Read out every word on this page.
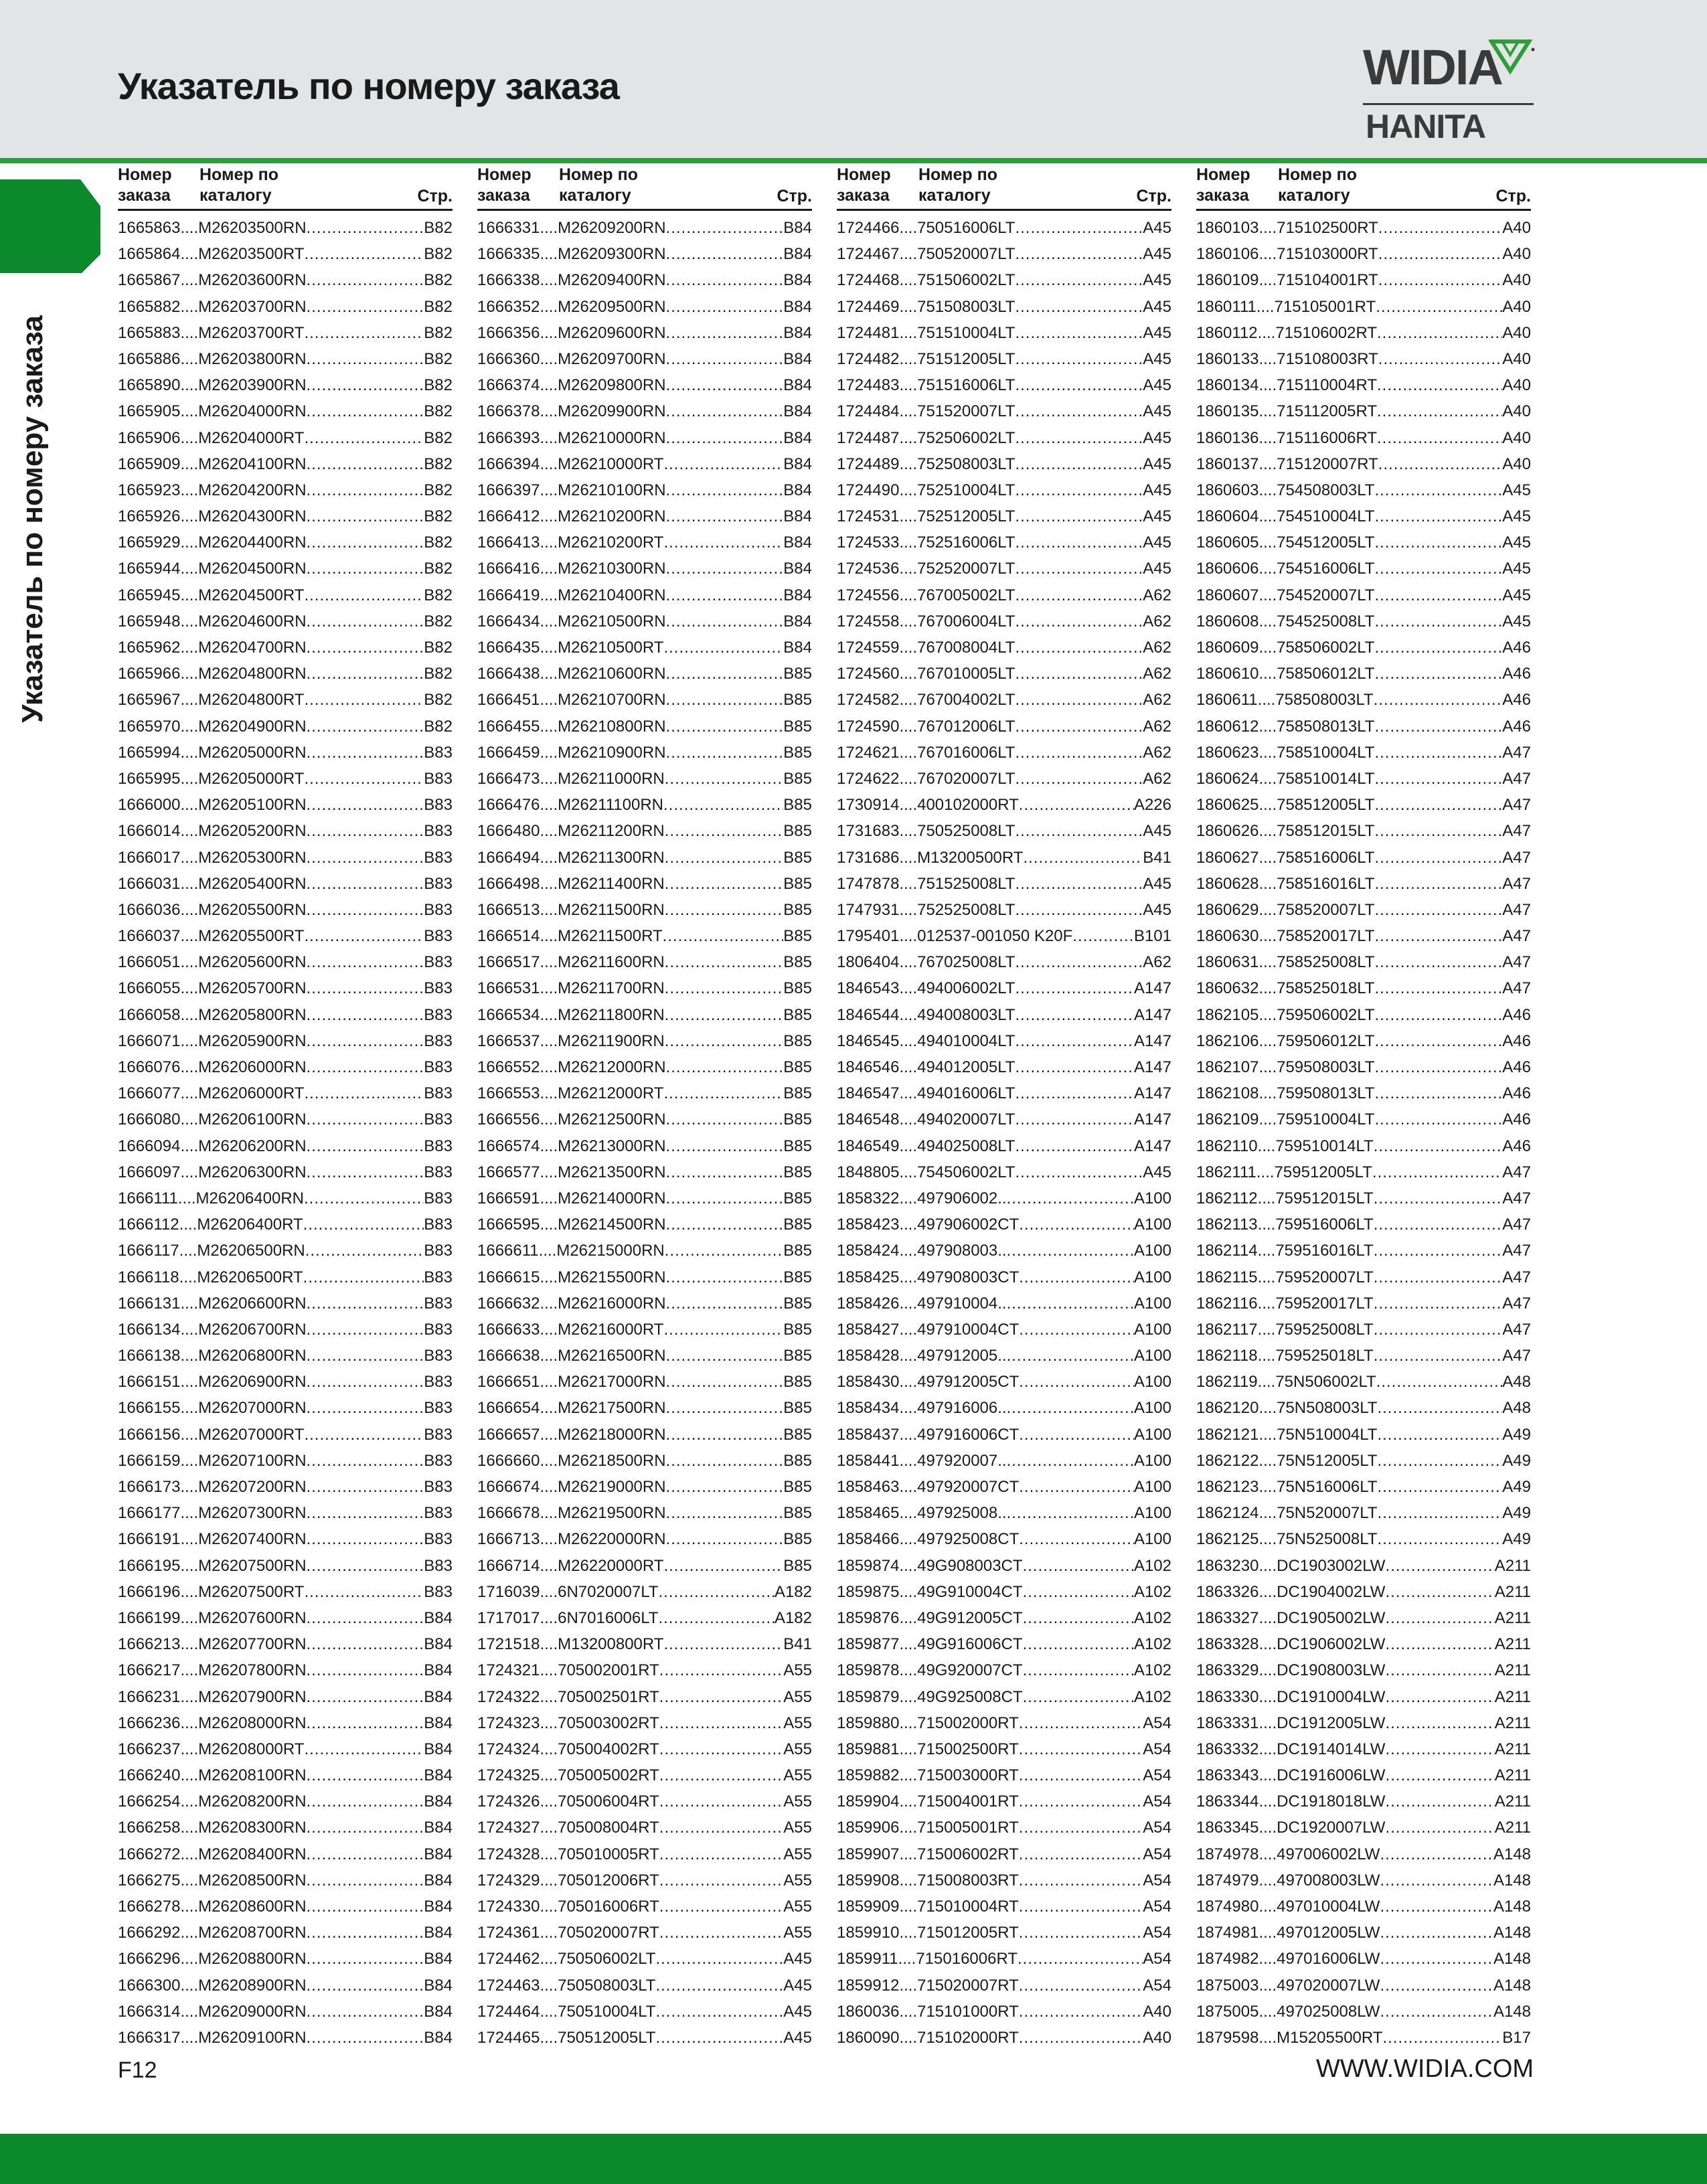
Указатель по номеру заказа	WIDIA
HANITA
Указатель по номеру заказа
Номер
заказа
Номер по
каталогу	Стр.
1665863 .... M26203500RN .....	B82
1665864 .... M26203500RT .....	B82
1665867 .... M26203600RN .....	B82
1665882 .... M26203700RN .....	B82
1665883 .... M26203700RT .....	B82
1665886 .... M26203800RN .....	B82
1665890 .... M26203900RN .....	B82
1665905 .... M26204000RN .....	B82
1665906 .... M26204000RT .....	B82
1665909 .... M26204100RN .....	B82
1665923 .... M26204200RN .....	B82
1665926 .... M26204300RN .....	B82
1665929 .... M26204400RN .....	B82
1665944 .... M26204500RN .....	B82
1665945 .... M26204500RT .....	B82
1665948 .... M26204600RN .....	B82
1665962 .... M26204700RN .....	B82
1665966 .... M26204800RN .....	B82
1665967 .... M26204800RT .....	B82
1665970 .... M26204900RN .....	B82
1665994 .... M26205000RN .....	B83
1665995 .... M26205000RT .....	B83
1666000 .... M26205100RN .....	B83
1666014 .... M26205200RN .....	B83
1666017 .... M26205300RN .....	B83
1666031 .... M26205400RN .....	B83
1666036 .... M26205500RN .....	B83
1666037 .... M26205500RT .....	B83
1666051 .... M26205600RN .....	B83
1666055 .... M26205700RN .....	B83
1666058 .... M26205800RN .....	B83
1666071 .... M26205900RN .....	B83
1666076 .... M26206000RN .....	B83
1666077 .... M26206000RT .....	B83
1666080 .... M26206100RN .....	B83
1666094 .... M26206200RN .....	B83
1666097 .... M26206300RN .....	B83
1666111 .... M26206400RN .....	B83
1666112 .... M26206400RT .....	B83
1666117 .... M26206500RN .....	B83
1666118 .... M26206500RT .....	B83
1666131 .... M26206600RN .....	B83
1666134 .... M26206700RN .....	B83
1666138 .... M26206800RN .....	B83
1666151 .... M26206900RN .....	B83
1666155 .... M26207000RN .....	B83
1666156 .... M26207000RT .....	B83
1666159 .... M26207100RN .....	B83
1666173 .... M26207200RN .....	B83
1666177 .... M26207300RN .....	B83
1666191 .... M26207400RN .....	B83
1666195 .... M26207500RN .....	B83
1666196 .... M26207500RT .....	B83
1666199 .... M26207600RN .....	B84
1666213 .... M26207700RN .....	B84
1666217 .... M26207800RN .....	B84
1666231 .... M26207900RN .....	B84
1666236 .... M26208000RN .....	B84
1666237 .... M26208000RT .....	B84
1666240 .... M26208100RN .....	B84
1666254 .... M26208200RN .....	B84
1666258 .... M26208300RN .....	B84
1666272 .... M26208400RN .....	B84
1666275 .... M26208500RN .....	B84
1666278 .... M26208600RN .....	B84
1666292 .... M26208700RN .....	B84
1666296 .... M26208800RN .....	B84
1666300 .... M26208900RN .....	B84
1666314 .... M26209000RN .....	B84
1666317 .... M26209100RN .....	B84
Номер
заказа
Номер по
каталогу	Стр.
1666331 .... M26209200RN .....	B84
1666335 .... M26209300RN .....	B84
1666338 .... M26209400RN .....	B84
1666352 .... M26209500RN .....	B84
1666356 .... M26209600RN .....	B84
1666360 .... M26209700RN .....	B84
1666374 .... M26209800RN .....	B84
1666378 .... M26209900RN .....	B84
1666393 .... M26210000RN .....	B84
1666394 .... M26210000RT .....	B84
1666397 .... M26210100RN .....	B84
1666412 .... M26210200RN .....	B84
1666413 .... M26210200RT .....	B84
1666416 .... M26210300RN .....	B84
1666419 .... M26210400RN .....	B84
1666434 .... M26210500RN .....	B84
1666435 .... M26210500RT .....	B84
1666438 .... M26210600RN .....	B85
1666451 .... M26210700RN .....	B85
1666455 .... M26210800RN .....	B85
1666459 .... M26210900RN .....	B85
1666473 .... M26211000RN .....	B85
1666476 .... M26211100RN .....	B85
1666480 .... M26211200RN .....	B85
1666494 .... M26211300RN .....	B85
1666498 .... M26211400RN .....	B85
1666513 .... M26211500RN .....	B85
1666514 .... M26211500RT .....	B85
1666517 .... M26211600RN .....	B85
1666531 .... M26211700RN .....	B85
1666534 .... M26211800RN .....	B85
1666537 .... M26211900RN .....	B85
1666552 .... M26212000RN .....	B85
1666553 .... M26212000RT .....	B85
1666556 .... M26212500RN .....	B85
1666574 .... M26213000RN .....	B85
1666577 .... M26213500RN .....	B85
1666591 .... M26214000RN .....	B85
1666595 .... M26214500RN .....	B85
1666611 .... M26215000RN .....	B85
1666615 .... M26215500RN .....	B85
1666632 .... M26216000RN .....	B85
1666633 .... M26216000RT .....	B85
1666638 .... M26216500RN .....	B85
1666651 .... M26217000RN .....	B85
1666654 .... M26217500RN .....	B85
1666657 .... M26218000RN .....	B85
1666660 .... M26218500RN .....	B85
1666674 .... M26219000RN .....	B85
1666678 .... M26219500RN .....	B85
1666713 .... M26220000RN .....	B85
1666714 .... M26220000RT .....	B85
1716039 .... 6N7020007LT .....	A182
1717017 .... 6N7016006LT .....	A182
1721518 .... M13200800RT .....	B41
1724321 .... 705002001RT .....	A55
1724322 .... 705002501RT .....	A55
1724323 .... 705003002RT .....	A55
1724324 .... 705004002RT .....	A55
1724325 .... 705005002RT .....	A55
1724326 .... 705006004RT .....	A55
1724327 .... 705008004RT .....	A55
1724328 .... 705010005RT .....	A55
1724329 .... 705012006RT .....	A55
1724330 .... 705016006RT .....	A55
1724361 .... 705020007RT .....	A55
1724462 .... 750506002LT .....	A45
1724463 .... 750508003LT .....	A45
1724464 .... 750510004LT .....	A45
1724465 .... 750512005LT .....	A45
Номер
заказа
Номер по
каталогу	Стр.
1724466 .... 750516006LT .....	A45
1724467 .... 750520007LT .....	A45
1724468 .... 751506002LT .....	A45
1724469 .... 751508003LT .....	A45
1724481 .... 751510004LT .....	A45
1724482 .... 751512005LT .....	A45
1724483 .... 751516006LT .....	A45
1724484 .... 751520007LT .....	A45
1724487 .... 752506002LT .....	A45
1724489 .... 752508003LT .....	A45
1724490 .... 752510004LT .....	A45
1724531 .... 752512005LT .....	A45
1724533 .... 752516006LT .....	A45
1724536 .... 752520007LT .....	A45
1724556 .... 767005002LT .....	A62
1724558 .... 767006004LT .....	A62
1724559 .... 767008004LT .....	A62
1724560 .... 767010005LT .....	A62
1724582 .... 767004002LT .....	A62
1724590 .... 767012006LT .....	A62
1724621 .... 767016006LT .....	A62
1724622 .... 767020007LT .....	A62
1730914 .... 400102000RT .....	A226
1731683 .... 750525008LT .....	A45
1731686 .... M13200500RT .....	B41
1747878 .... 751525008LT .....	A45
1747931 .... 752525008LT .....	A45
1795401 .... 012537-001050 K20F .....	B101
1806404 .... 767025008LT .....	A62
1846543 .... 494006002LT .....	A147
1846544 .... 494008003LT .....	A147
1846545 .... 494010004LT .....	A147
1846546 .... 494012005LT .....	A147
1846547 .... 494016006LT .....	A147
1846548 .... 494020007LT .....	A147
1846549 .... 494025008LT .....	A147
1848805 .... 754506002LT .....	A45
1858322 .... 497906002.. .....	A100
1858423 .... 497906002CT .....	A100
1858424 .... 497908003.. .....	A100
1858425 .... 497908003CT .....	A100
1858426 .... 497910004.. .....	A100
1858427 .... 497910004CT .....	A100
1858428 .... 497912005.. .....	A100
1858430 .... 497912005CT .....	A100
1858434 .... 497916006.. .....	A100
1858437 .... 497916006CT .....	A100
1858441 .... 497920007.. .....	A100
1858463 .... 497920007CT .....	A100
1858465 .... 497925008.. .....	A100
1858466 .... 497925008CT .....	A100
1859874 .... 49G908003CT .....	A102
1859875 .... 49G910004CT .....	A102
1859876 .... 49G912005CT .....	A102
1859877 .... 49G916006CT .....	A102
1859878 .... 49G920007CT .....	A102
1859879 .... 49G925008CT .....	A102
1859880 .... 715002000RT .....	A54
1859881 .... 715002500RT .....	A54
1859882 .... 715003000RT .....	A54
1859904 .... 715004001RT .....	A54
1859906 .... 715005001RT .....	A54
1859907 .... 715006002RT .....	A54
1859908 .... 715008003RT .....	A54
1859909 .... 715010004RT .....	A54
1859910 .... 715012005RT .....	A54
1859911 .... 715016006RT .....	A54
1859912 .... 715020007RT .....	A54
1860036 .... 715101000RT .....	A40
1860090 .... 715102000RT .....	A40
Номер
заказа
Номер по
каталогу	Стр.
1860103 .... 715102500RT .....	A40
1860106 .... 715103000RT .....	A40
1860109 .... 715104001RT .....	A40
1860111 .... 715105001RT .....	A40
1860112 .... 715106002RT .....	A40
1860133 .... 715108003RT .....	A40
1860134 .... 715110004RT .....	A40
1860135 .... 715112005RT .....	A40
1860136 .... 715116006RT .....	A40
1860137 .... 715120007RT .....	A40
1860603 .... 754508003LT .....	A45
1860604 .... 754510004LT .....	A45
1860605 .... 754512005LT .....	A45
1860606 .... 754516006LT .....	A45
1860607 .... 754520007LT .....	A45
1860608 .... 754525008LT .....	A45
1860609 .... 758506002LT .....	A46
1860610 .... 758506012LT .....	A46
1860611 .... 758508003LT .....	A46
1860612 .... 758508013LT .....	A46
1860623 .... 758510004LT .....	A47
1860624 .... 758510014LT .....	A47
1860625 .... 758512005LT .....	A47
1860626 .... 758512015LT .....	A47
1860627 .... 758516006LT .....	A47
1860628 .... 758516016LT .....	A47
1860629 .... 758520007LT .....	A47
1860630 .... 758520017LT .....	A47
1860631 .... 758525008LT .....	A47
1860632 .... 758525018LT .....	A47
1862105 .... 759506002LT .....	A46
1862106 .... 759506012LT .....	A46
1862107 .... 759508003LT .....	A46
1862108 .... 759508013LT .....	A46
1862109 .... 759510004LT .....	A46
1862110 .... 759510014LT .....	A46
1862111 .... 759512005LT .....	A47
1862112 .... 759512015LT .....	A47
1862113 .... 759516006LT .....	A47
1862114 .... 759516016LT .....	A47
1862115 .... 759520007LT .....	A47
1862116 .... 759520017LT .....	A47
1862117 .... 759525008LT .....	A47
1862118 .... 759525018LT .....	A47
1862119 .... 75N506002LT .....	A48
1862120 .... 75N508003LT .....	A48
1862121 .... 75N510004LT .....	A49
1862122 .... 75N512005LT .....	A49
1862123 .... 75N516006LT .....	A49
1862124 .... 75N520007LT .....	A49
1862125 .... 75N525008LT .....	A49
1863230 .... DC1903002LW .....	A211
1863326 .... DC1904002LW .....	A211
1863327 .... DC1905002LW .....	A211
1863328 .... DC1906002LW .....	A211
1863329 .... DC1908003LW .....	A211
1863330 .... DC1910004LW .....	A211
1863331 .... DC1912005LW .....	A211
1863332 .... DC1914014LW .....	A211
1863343 .... DC1916006LW .....	A211
1863344 .... DC1918018LW .....	A211
1863345 .... DC1920007LW .....	A211
1874978 .... 497006002LW .....	A148
1874979 .... 497008003LW .....	A148
1874980 .... 497010004LW .....	A148
1874981 .... 497012005LW .....	A148
1874982 .... 497016006LW .....	A148
1875003 .... 497020007LW .....	A148
1875005 .... 497025008LW .....	A148
1879598 .... M15205500RT .....	B17
F12	WWW.WIDIA.COM
